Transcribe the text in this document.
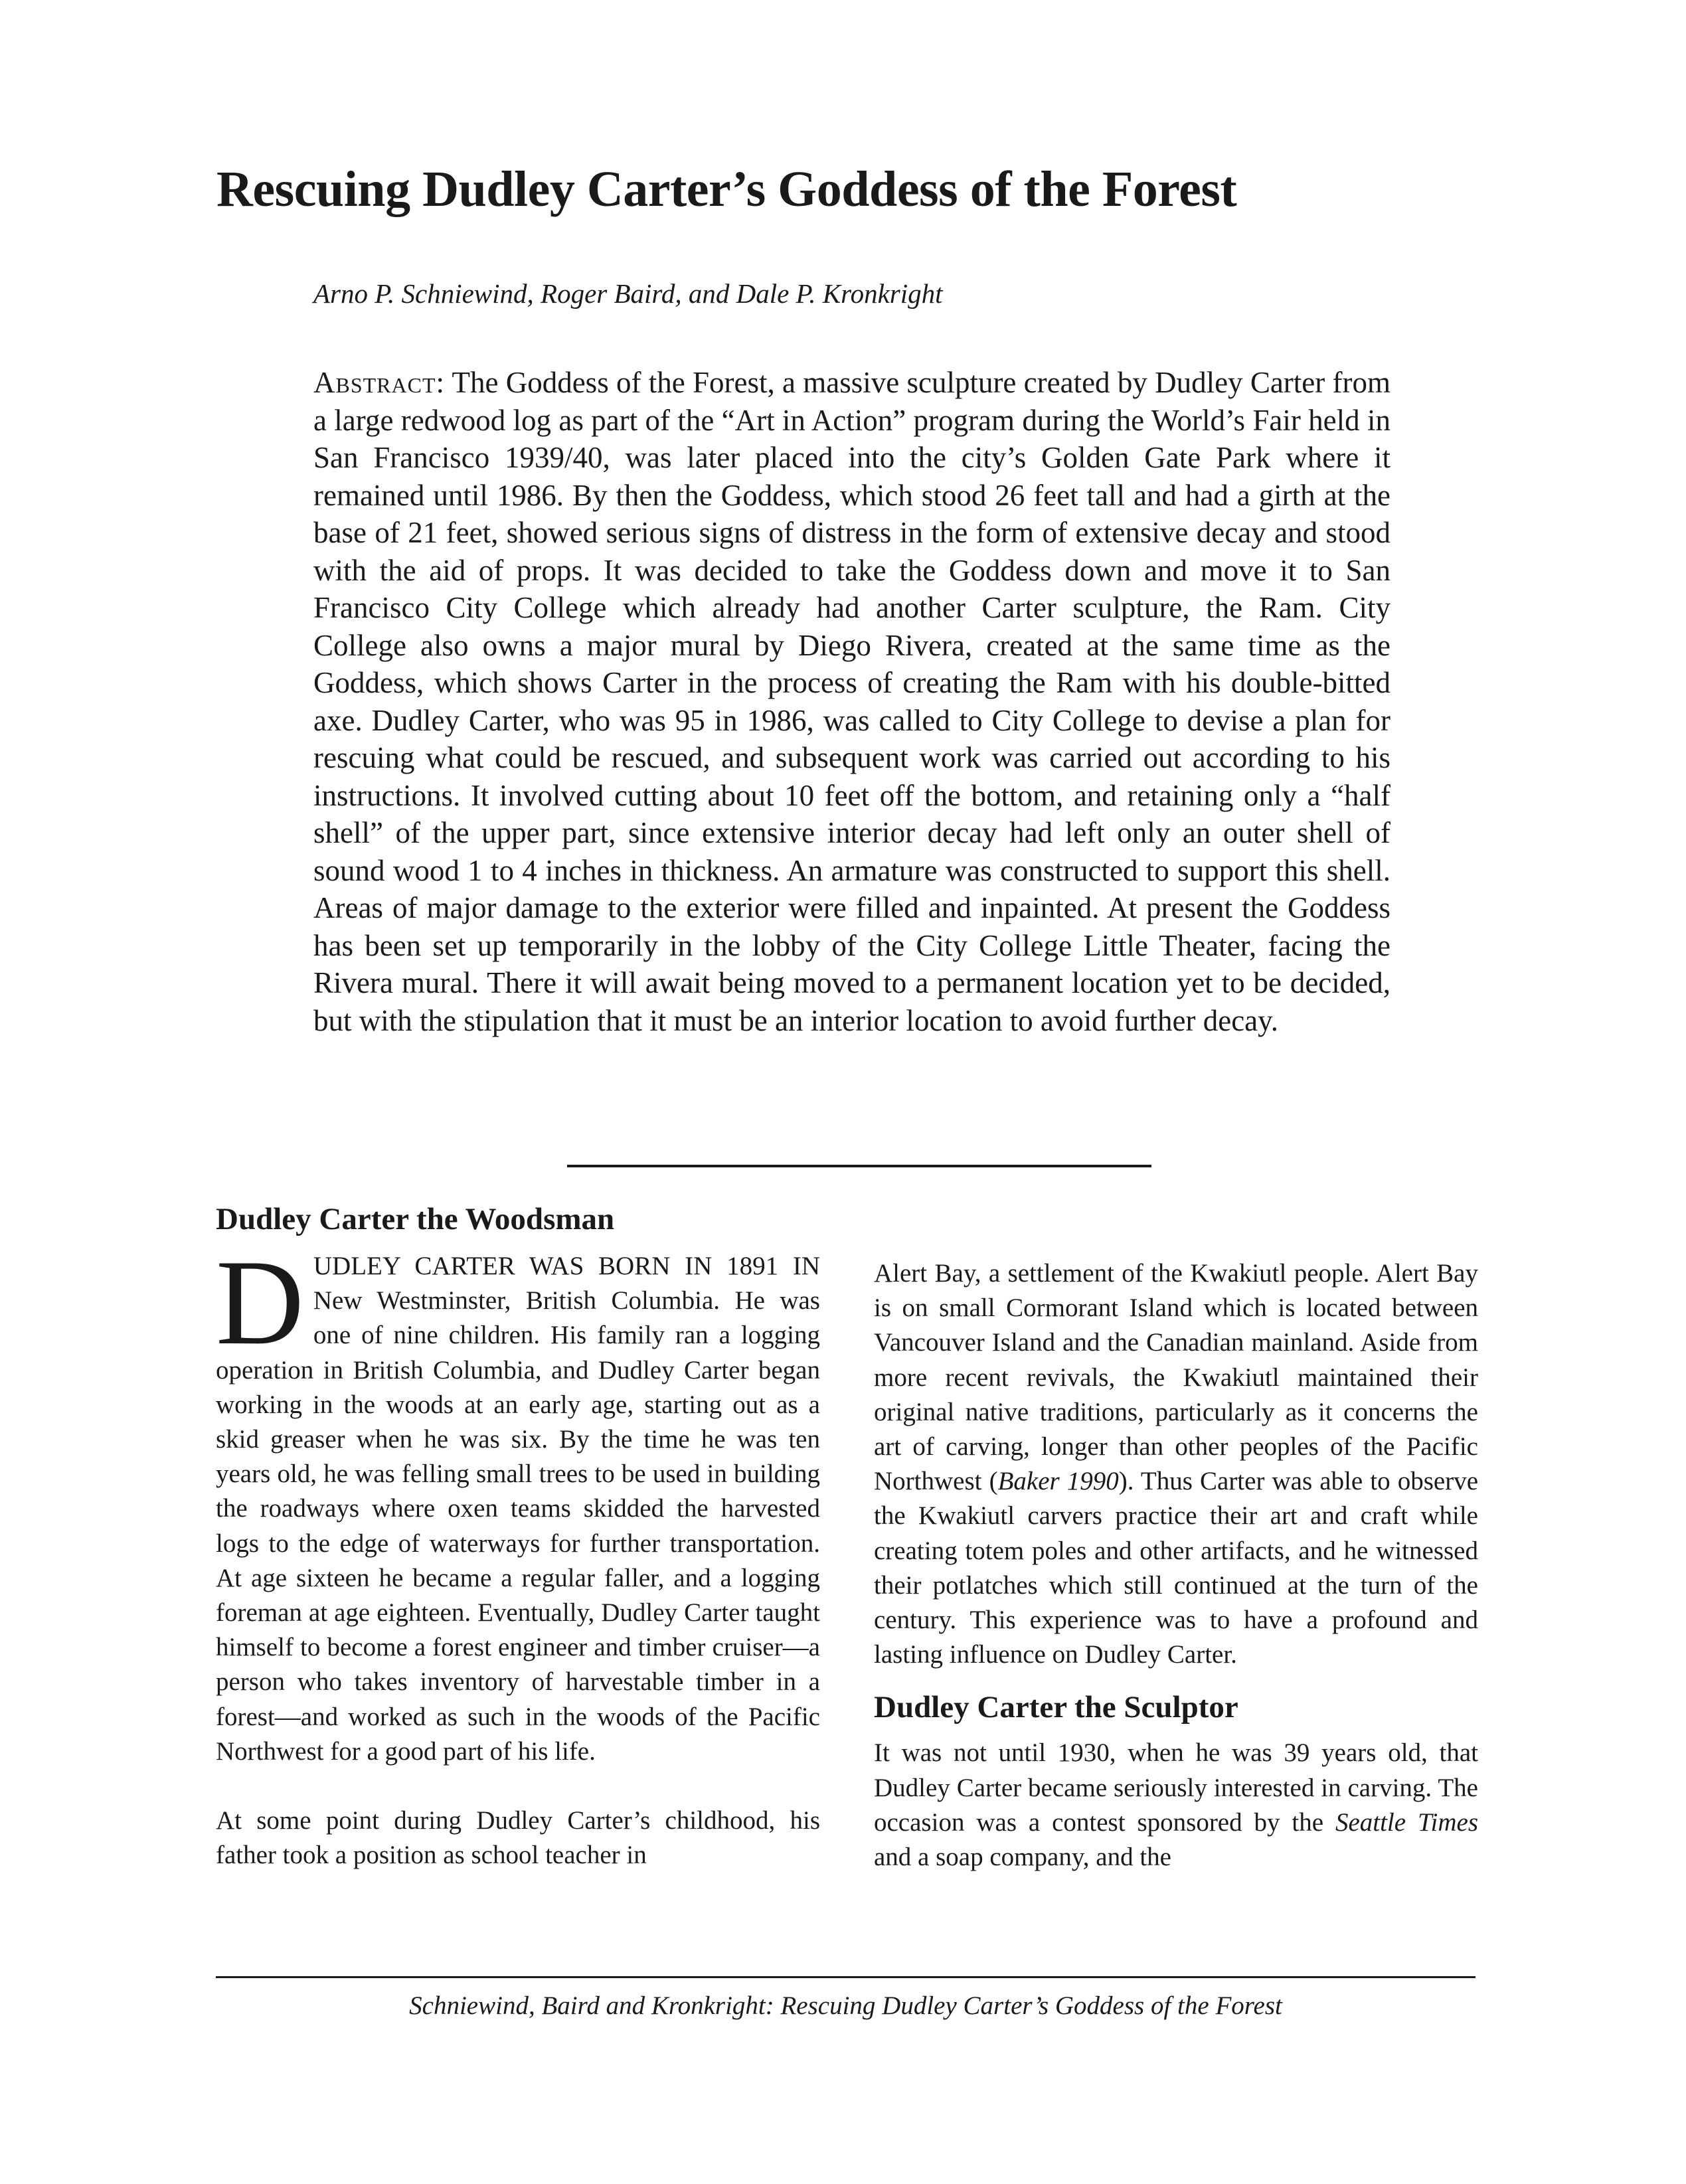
Rescuing Dudley Carter’s Goddess of the Forest

Arno P. Schniewind, Roger Baird, and Dale P. Kronkright

Abstract: The Goddess of the Forest, a massive sculpture created by Dudley Carter from a large redwood log as part of the “Art in Action” program during the World’s Fair held in San Francisco 1939/40, was later placed into the city’s Golden Gate Park where it remained until 1986. By then the Goddess, which stood 26 feet tall and had a girth at the base of 21 feet, showed serious signs of distress in the form of extensive decay and stood with the aid of props. It was decided to take the Goddess down and move it to San Francisco City College which already had another Carter sculpture, the Ram. City College also owns a major mural by Diego Rivera, created at the same time as the Goddess, which shows Carter in the process of creating the Ram with his double-bitted axe. Dudley Carter, who was 95 in 1986, was called to City College to devise a plan for rescuing what could be rescued, and subsequent work was carried out according to his instructions. It involved cutting about 10 feet off the bottom, and retaining only a “half shell” of the upper part, since extensive interior decay had left only an outer shell of sound wood 1 to 4 inches in thickness. An armature was constructed to support this shell. Areas of major damage to the exterior were filled and inpainted. At present the Goddess has been set up temporarily in the lobby of the City College Little Theater, facing the Rivera mural. There it will await being moved to a permanent location yet to be decided, but with the stipulation that it must be an interior location to avoid further decay.

Dudley Carter the Woodsman

DUDLEY CARTER WAS BORN IN 1891 IN New Westminster, British Columbia. He was one of nine children. His family ran a logging operation in British Columbia, and Dudley Carter began working in the woods at an early age, starting out as a skid greaser when he was six. By the time he was ten years old, he was felling small trees to be used in building the roadways where oxen teams skidded the harvested logs to the edge of waterways for further transportation. At age sixteen he became a regular faller, and a logging foreman at age eighteen. Eventually, Dudley Carter taught himself to become a forest engineer and timber cruiser—a person who takes inventory of harvestable timber in a forest—and worked as such in the woods of the Pacific Northwest for a good part of his life.

At some point during Dudley Carter’s childhood, his father took a position as school teacher in

Alert Bay, a settlement of the Kwakiutl people. Alert Bay is on small Cormorant Island which is located between Vancouver Island and the Canadian mainland. Aside from more recent revivals, the Kwakiutl maintained their original native traditions, particularly as it concerns the art of carving, longer than other peoples of the Pacific Northwest (Baker 1990). Thus Carter was able to observe the Kwakiutl carvers practice their art and craft while creating totem poles and other artifacts, and he witnessed their potlatches which still continued at the turn of the century. This experience was to have a profound and lasting influence on Dudley Carter.

Dudley Carter the Sculptor

It was not until 1930, when he was 39 years old, that Dudley Carter became seriously interested in carving. The occasion was a contest sponsored by the Seattle Times and a soap company, and the

Schniewind, Baird and Kronkright: Rescuing Dudley Carter’s Goddess of the Forest
